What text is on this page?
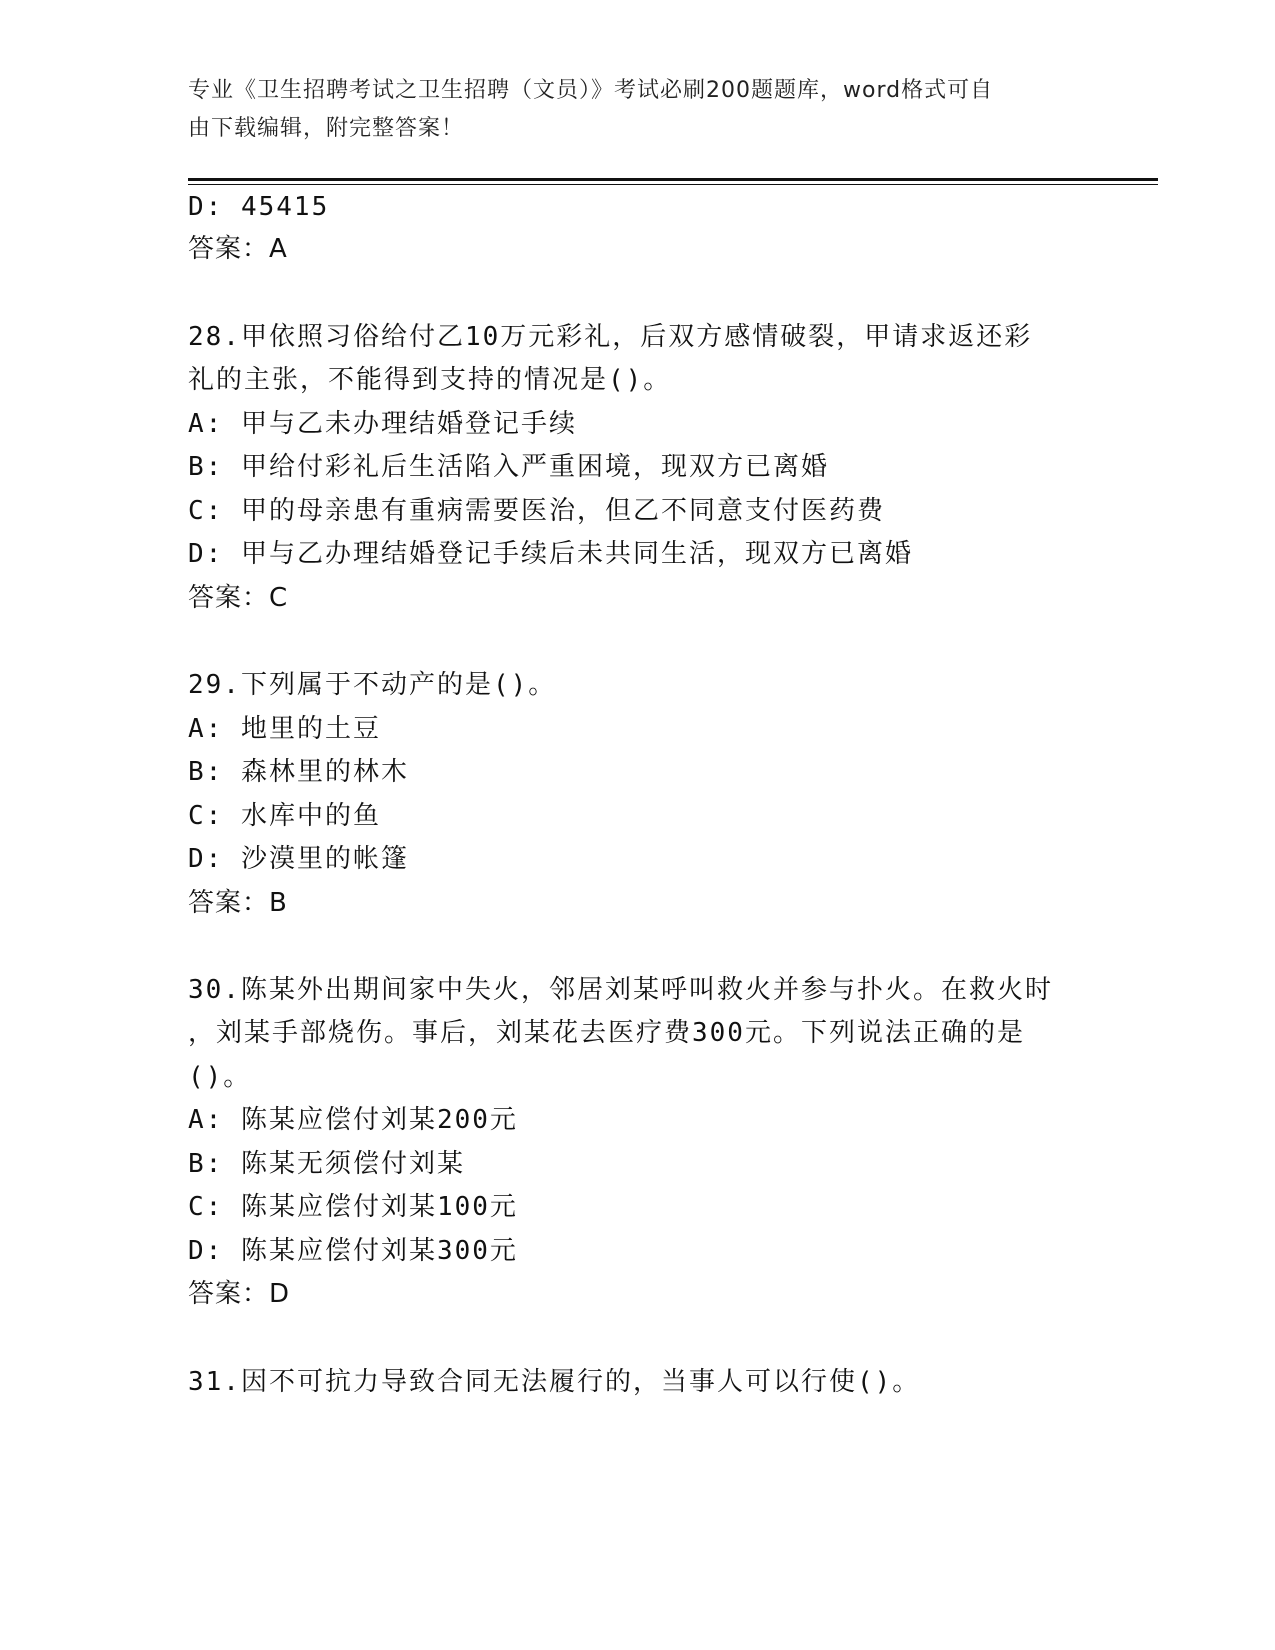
专业《卫生招聘考试之卫生招聘（文员）》考试必刷200题题库，word格式可自
由下载编辑，附完整答案！
D: 45415
答案：A
28.甲依照习俗给付乙10万元彩礼，后双方感情破裂，甲请求返还彩
礼的主张，不能得到支持的情况是()。
A: 甲与乙未办理结婚登记手续
B: 甲给付彩礼后生活陷入严重困境，现双方已离婚
C: 甲的母亲患有重病需要医治，但乙不同意支付医药费
D: 甲与乙办理结婚登记手续后未共同生活，现双方已离婚
答案：C
29.下列属于不动产的是()。
A: 地里的土豆
B: 森林里的林木
C: 水库中的鱼
D: 沙漠里的帐篷
答案：B
30.陈某外出期间家中失火，邻居刘某呼叫救火并参与扑火。在救火时
，刘某手部烧伤。事后，刘某花去医疗费300元。下列说法正确的是
()。
A: 陈某应偿付刘某200元
B: 陈某无须偿付刘某
C: 陈某应偿付刘某100元
D: 陈某应偿付刘某300元
答案：D
31.因不可抗力导致合同无法履行的，当事人可以行使()。
